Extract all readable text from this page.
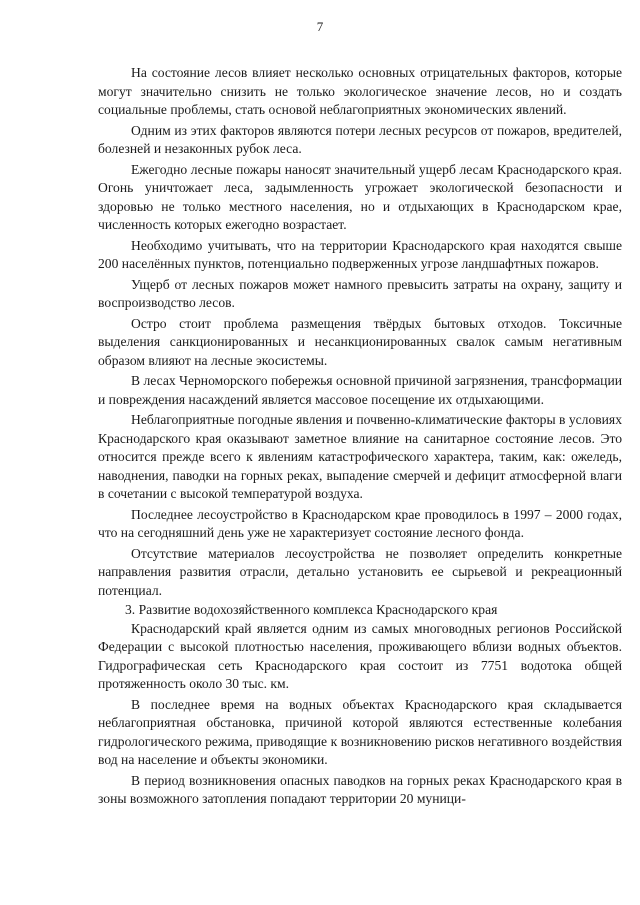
7

На состояние лесов влияет несколько основных отрицательных факторов, которые могут значительно снизить не только экологическое значение лесов, но и создать социальные проблемы, стать основой неблагоприятных экономических явлений.

Одним из этих факторов являются потери лесных ресурсов от пожаров, вредителей, болезней и незаконных рубок леса.

Ежегодно лесные пожары наносят значительный ущерб лесам Краснодарского края. Огонь уничтожает леса, задымленность угрожает экологической безопасности и здоровью не только местного населения, но и отдыхающих в Краснодарском крае, численность которых ежегодно возрастает.

Необходимо учитывать, что на территории Краснодарского края находятся свыше 200 населённых пунктов, потенциально подверженных угрозе ландшафтных пожаров.

Ущерб от лесных пожаров может намного превысить затраты на охрану, защиту и воспроизводство лесов.

Остро стоит проблема размещения твёрдых бытовых отходов. Токсичные выделения санкционированных и несанкционированных свалок самым негативным образом влияют на лесные экосистемы.

В лесах Черноморского побережья основной причиной загрязнения, трансформации и повреждения насаждений является массовое посещение их отдыхающими.

Неблагоприятные погодные явления и почвенно-климатические факторы в условиях Краснодарского края оказывают заметное влияние на санитарное состояние лесов. Это относится прежде всего к явлениям катастрофического характера, таким, как: ожеледь, наводнения, паводки на горных реках, выпадение смерчей и дефицит атмосферной влаги в сочетании с высокой температурой воздуха.

Последнее лесоустройство в Краснодарском крае проводилось в 1997 – 2000 годах, что на сегодняшний день уже не характеризует состояние лесного фонда.

Отсутствие материалов лесоустройства не позволяет определить конкретные направления развития отрасли, детально установить ее сырьевой и рекреационный потенциал.

3. Развитие водохозяйственного комплекса Краснодарского края

Краснодарский край является одним из самых многоводных регионов Российской Федерации с высокой плотностью населения, проживающего вблизи водных объектов. Гидрографическая сеть Краснодарского края состоит из 7751 водотока общей протяженность около 30 тыс. км.

В последнее время на водных объектах Краснодарского края складывается неблагоприятная обстановка, причиной которой являются естественные колебания гидрологического режима, приводящие к возникновению рисков негативного воздействия вод на население и объекты экономики.

В период возникновения опасных паводков на горных реках Краснодарского края в зоны возможного затопления попадают территории 20 муници-
